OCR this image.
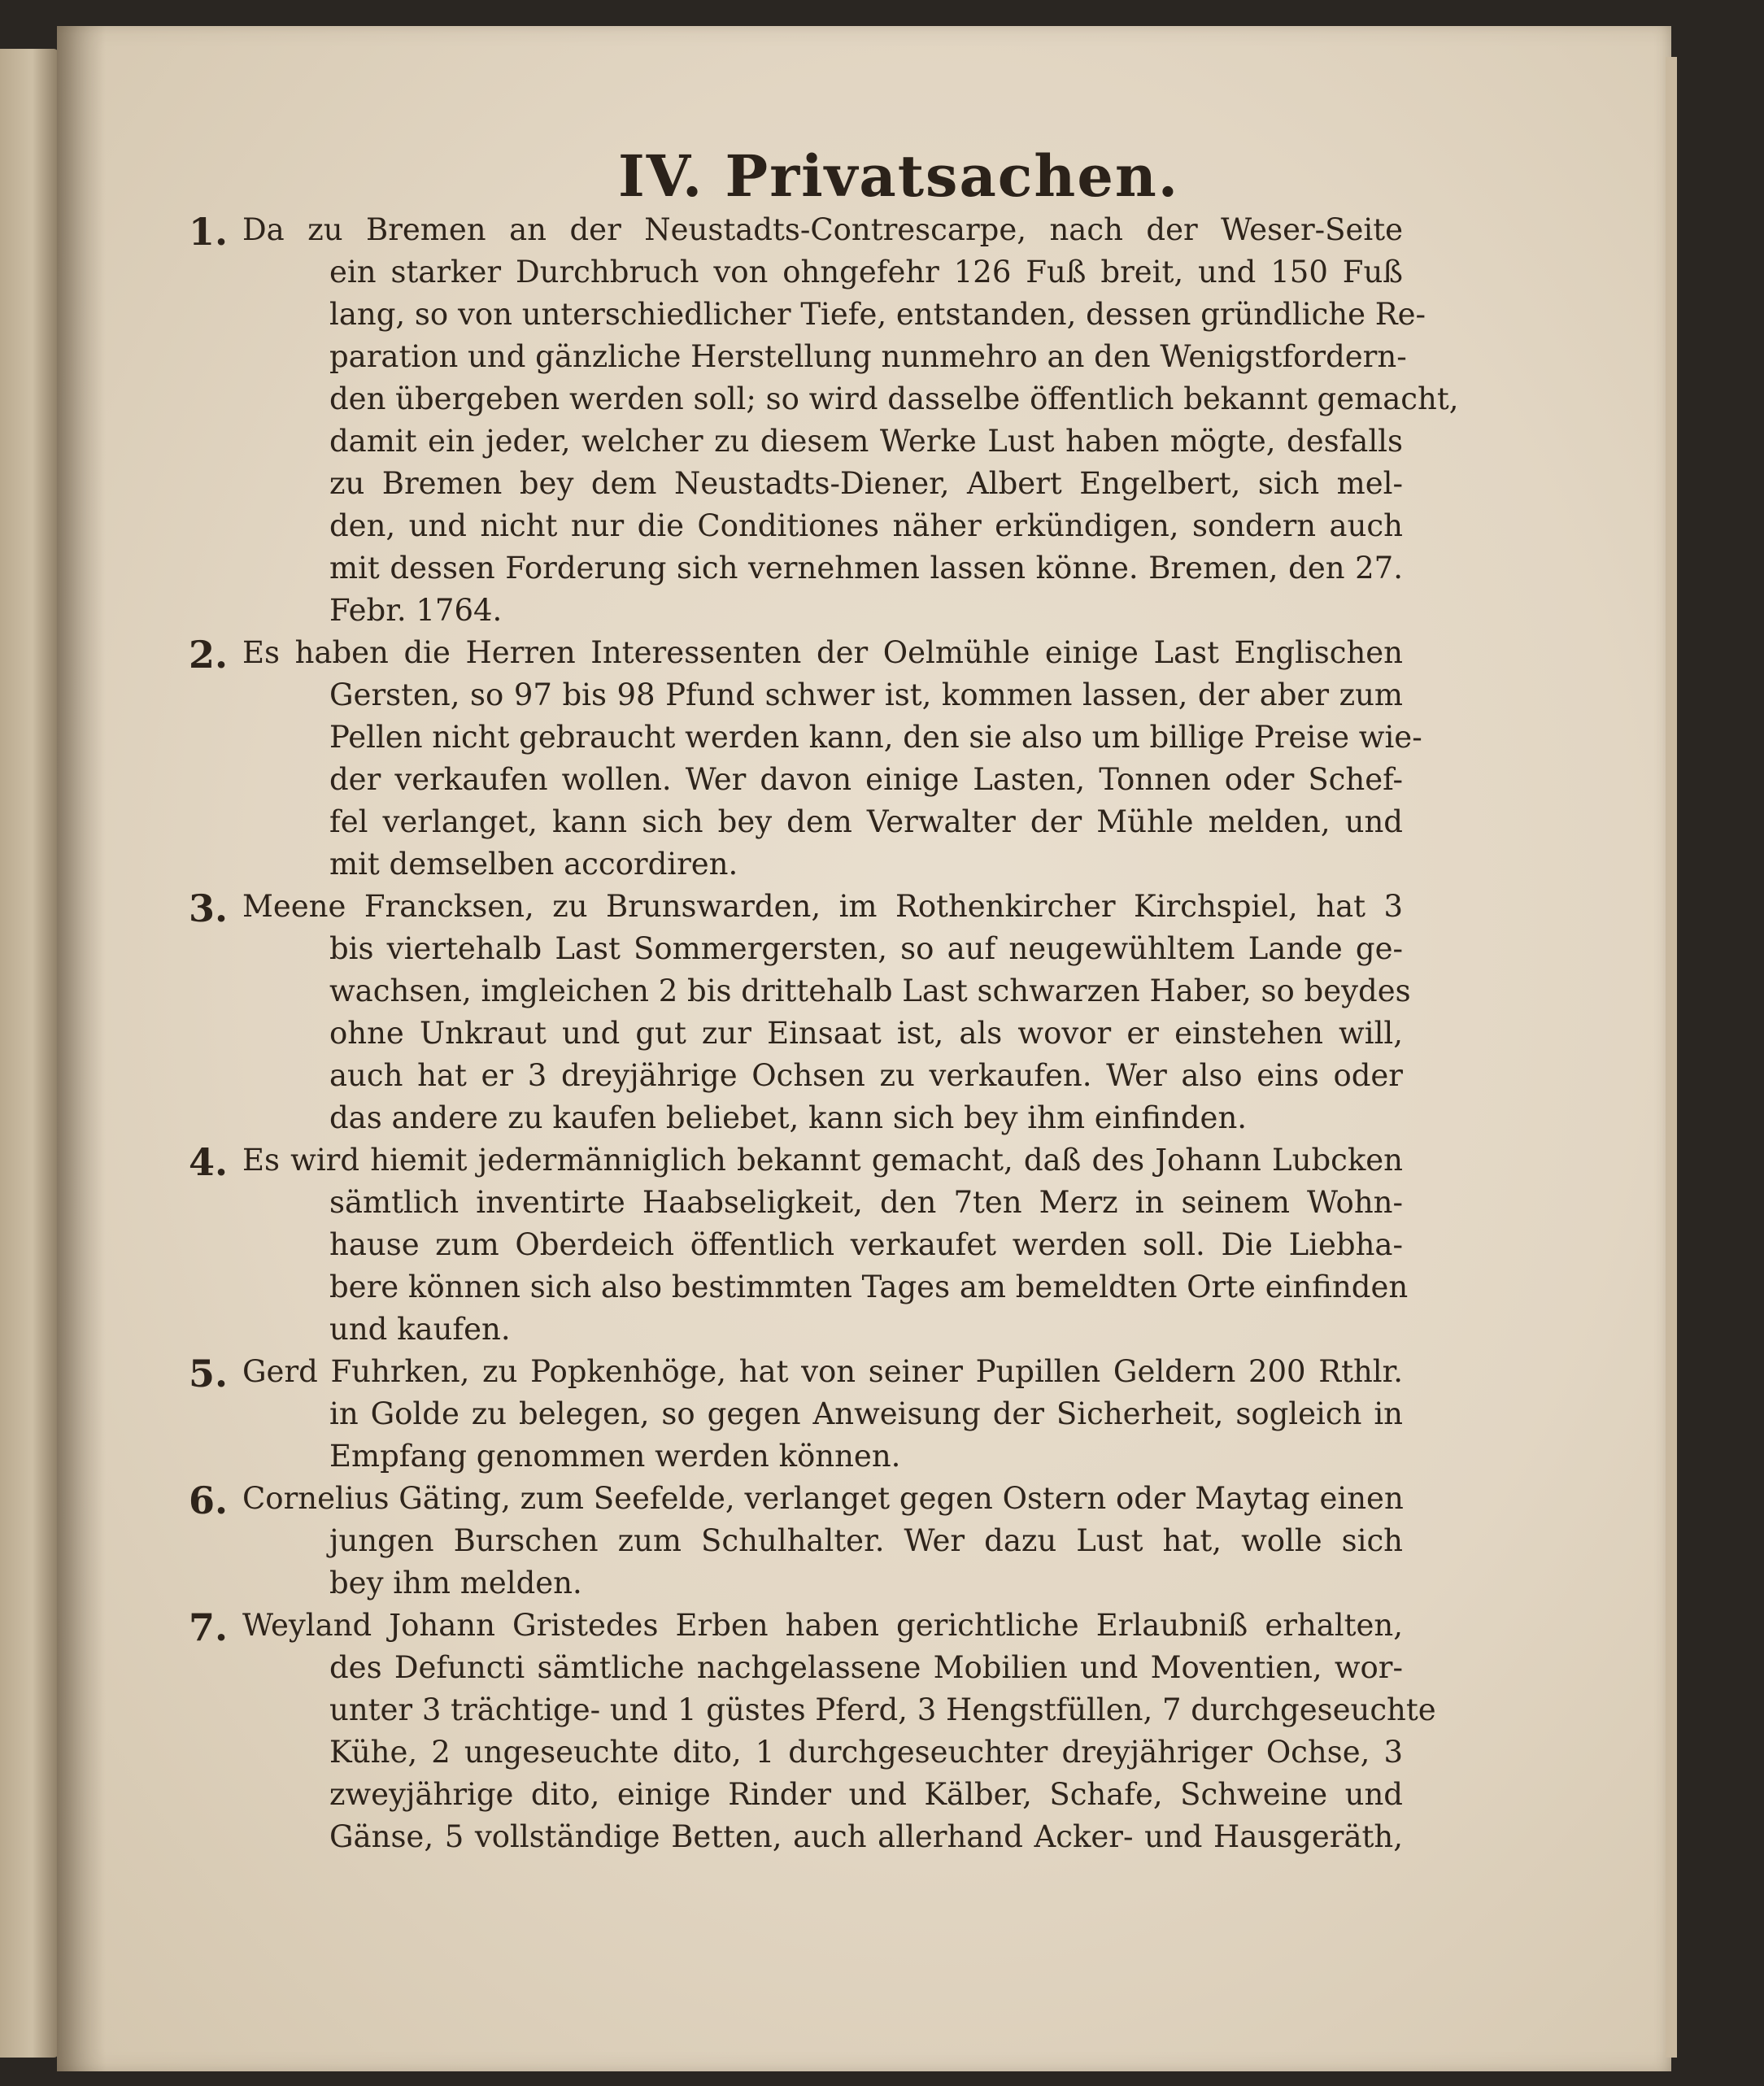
IV. Privatsachen.
1. Da zu Bremen an der Neustadts-Contrescarpe, nach der Weser-Seite
ein starker Durchbruch von ohngefehr 126 Fuß breit, und 150 Fuß
lang, so von unterschiedlicher Tiefe, entstanden, dessen gründliche Re-
paration und gänzliche Herstellung nunmehro an den Wenigstfordern-
den übergeben werden soll; so wird dasselbe öffentlich bekannt gemacht,
damit ein jeder, welcher zu diesem Werke Lust haben mögte, desfalls
zu Bremen bey dem Neustadts-Diener, Albert Engelbert, sich mel-
den, und nicht nur die Conditiones näher erkündigen, sondern auch
mit dessen Forderung sich vernehmen lassen könne. Bremen, den 27.
Febr. 1764.
2. Es haben die Herren Interessenten der Oelmühle einige Last Englischen
Gersten, so 97 bis 98 Pfund schwer ist, kommen lassen, der aber zum
Pellen nicht gebraucht werden kann, den sie also um billige Preise wie-
der verkaufen wollen. Wer davon einige Lasten, Tonnen oder Schef-
fel verlanget, kann sich bey dem Verwalter der Mühle melden, und
mit demselben accordiren.
3. Meene Francksen, zu Brunswarden, im Rothenkircher Kirchspiel, hat 3
bis viertehalb Last Sommergersten, so auf neugewühltem Lande ge-
wachsen, imgleichen 2 bis drittehalb Last schwarzen Haber, so beydes
ohne Unkraut und gut zur Einsaat ist, als wovor er einstehen will,
auch hat er 3 dreyjährige Ochsen zu verkaufen. Wer also eins oder
das andere zu kaufen beliebet, kann sich bey ihm einfinden.
4. Es wird hiemit jedermänniglich bekannt gemacht, daß des Johann Lubcken
sämtlich inventirte Haabseligkeit, den 7ten Merz in seinem Wohn-
hause zum Oberdeich öffentlich verkaufet werden soll. Die Liebha-
bere können sich also bestimmten Tages am bemeldten Orte einfinden
und kaufen.
5. Gerd Fuhrken, zu Popkenhöge, hat von seiner Pupillen Geldern 200 Rthlr.
in Golde zu belegen, so gegen Anweisung der Sicherheit, sogleich in
Empfang genommen werden können.
6. Cornelius Gäting, zum Seefelde, verlanget gegen Ostern oder Maytag einen
jungen Burschen zum Schulhalter. Wer dazu Lust hat, wolle sich
bey ihm melden.
7. Weyland Johann Gristedes Erben haben gerichtliche Erlaubniß erhalten,
des Defuncti sämtliche nachgelassene Mobilien und Moventien, wor-
unter 3 trächtige- und 1 güstes Pferd, 3 Hengstfüllen, 7 durchgeseuchte
Kühe, 2 ungeseuchte dito, 1 durchgeseuchter dreyjähriger Ochse, 3
zweyjährige dito, einige Rinder und Kälber, Schafe, Schweine und
Gänse, 5 vollständige Betten, auch allerhand Acker- und Hausgeräth,
